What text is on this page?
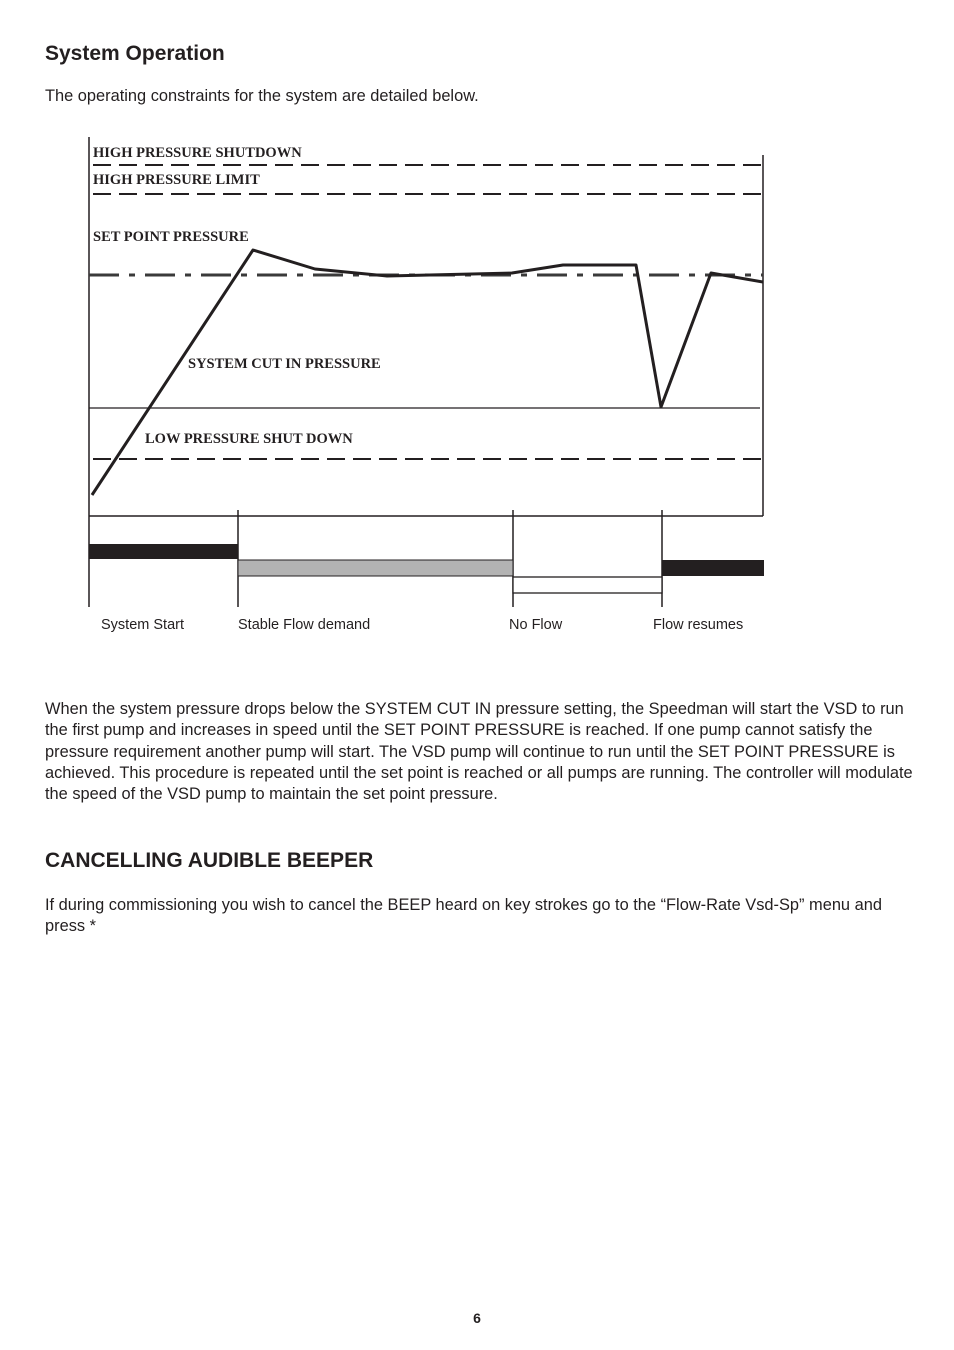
System Operation

The operating constraints for the system are detailed below.

HIGH PRESSURE SHUTDOWN
HIGH PRESSURE LIMIT
SET POINT PRESSURE
SYSTEM CUT IN PRESSURE
LOW PRESSURE SHUT DOWN
System Start	Stable Flow demand	No Flow	Flow resumes

When the system pressure drops below the SYSTEM CUT IN pressure setting, the Speedman will start the VSD to run the first pump and increases in speed until the SET POINT PRESSURE is reached. If one pump cannot satisfy the pressure requirement another pump will start. The VSD pump will continue to run until the SET POINT PRESSURE is achieved. This procedure is repeated until the set point is reached or all pumps are running. The controller will modulate the speed of the VSD pump to maintain the set point pressure.

CANCELLING AUDIBLE BEEPER

If during commissioning you wish to cancel the BEEP heard on key strokes go to the “Flow-Rate Vsd-Sp” menu and press *

6
